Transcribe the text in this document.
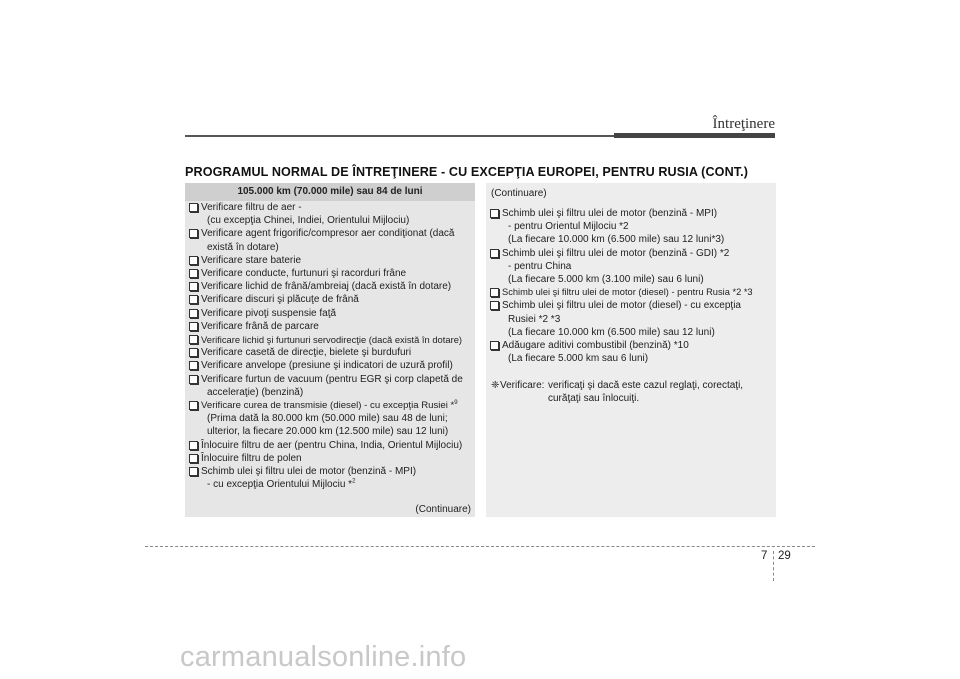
Întreţinere
PROGRAMUL NORMAL DE ÎNTREŢINERE - CU EXCEPŢIA EUROPEI, PENTRU RUSIA (CONT.)
105.000 km (70.000 mile) sau 84 de luni
Verificare filtru de aer -
(cu excepţia Chinei, Indiei, Orientului Mijlociu)
Verificare agent frigorific/compresor aer condiţionat (dacă
există în dotare)
Verificare stare baterie
Verificare conducte, furtunuri şi racorduri frâne
Verificare lichid de frână/ambreiaj (dacă există în dotare)
Verificare discuri şi plăcuţe de frână
Verificare pivoţi suspensie faţă
Verificare frână de parcare
Verificare lichid şi furtunuri servodirecţie (dacă există în dotare)
Verificare casetă de direcţie, bielete şi burdufuri
Verificare anvelope (presiune şi indicatori de uzură profil)
Verificare furtun de vacuum (pentru EGR şi corp clapetă de
acceleraţie) (benzină)
Verificare curea de transmisie (diesel) - cu excepţia Rusiei *$^9$
(Prima dată la 80.000 km (50.000 mile) sau 48 de luni;
ulterior, la fiecare 20.000 km (12.500 mile) sau 12 luni)
Înlocuire filtru de aer (pentru China, India, Orientul Mijlociu)
Înlocuire filtru de polen
Schimb ulei şi filtru ulei de motor (benzină - MPI)
- cu excepţia Orientului Mijlociu *$^2$
(Continuare)
(Continuare)
Schimb ulei şi filtru ulei de motor (benzină - MPI)
- pentru Orientul Mijlociu *2
(La fiecare 10.000 km (6.500 mile) sau 12 luni*3)
Schimb ulei şi filtru ulei de motor (benzină - GDI) *2
- pentru China
(La fiecare 5.000 km (3.100 mile) sau 6 luni)
Schimb ulei şi filtru ulei de motor (diesel) - pentru Rusia *2 *3
Schimb ulei şi filtru ulei de motor (diesel) - cu excepţia
Rusiei *2 *3
(La fiecare 10.000 km (6.500 mile) sau 12 luni)
Adăugare aditivi combustibil (benzină) *10
(La fiecare 5.000 km sau 6 luni)
❈ Verificare: verificaţi şi dacă este cazul reglaţi, corectaţi, curăţaţi sau înlocuiţi.
7 29
carmanualsonline.info
